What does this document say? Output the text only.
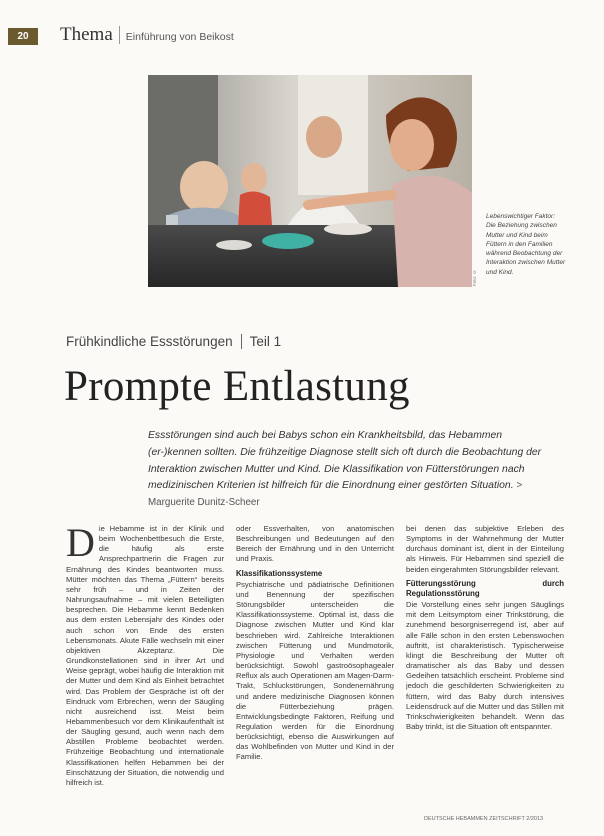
20	Thema Einführung von Beikost
Foto: ©
Lebenswichtiger Faktor: Die Beziehung zwischen Mutter und Kind beim Füttern in den Familien während Beobachtung der Interaktion zwischen Mutter und Kind.
Frühkindliche Essstörungen Teil 1
Prompte Entlastung
Essstörungen sind auch bei Babys schon ein Krankheitsbild, das Hebammen (er-)kennen sollten. Die frühzeitige Diagnose stellt sich oft durch die Beobachtung der Interaktion zwischen Mutter und Kind. Die Klassifikation von Fütterstörungen nach medizinischen Kriterien ist hilfreich für die Einordnung einer gestörten Situation. > Marguerite Dunitz-Scheer
D ie Hebamme ist in der Klinik und beim Wochenbettbesuch die Erste, die häufig als erste Ansprechpartnerin die Fragen zur Ernährung des Kindes beantworten muss. Mütter möchten das Thema „Füttern“ bereits sehr früh – und in Zeiten der Nahrungsaufnahme – mit vielen Beteiligten besprechen. Die Hebamme kennt Bedenken aus dem ersten Lebensjahr des Kindes oder auch schon von Ende des ersten Lebensmonats. Akute Fälle wechseln mit einer objektiven Akzeptanz. Die Grundkonstellationen sind in ihrer Art und Weise geprägt, wobei häufig die Interaktion mit der Mutter und dem Kind als Einheit betrachtet wird. Das Problem der Gespräche ist oft der Eindruck vom Erbrechen, wenn der Säugling nicht ausreichend isst. Meist beim Hebammenbesuch vor dem Klinikaufenthalt ist der Säugling gesund, auch wenn nach dem Abstillen Probleme beobachtet werden. Frühzeitige Beobachtung und internationale Klassifikationen helfen Hebammen bei der Einschätzung der Situation, die notwendig und hilfreich ist.

oder Essverhalten, von anatomischen Beschreibungen und Bedeutungen auf den Bereich der Ernährung und in den Unterricht und Praxis.

Klassifikationssysteme

Psychiatrische und pädiatrische Definitionen und Benennung der spezifischen Störungsbilder unterscheiden die Klassifikationssysteme. Optimal ist, dass die Diagnose zwischen Mutter und Kind klar beschrieben wird. Zahlreiche Interaktionen zwischen Fütterung und Mundmotorik, Physiologie und Verhalten werden berücksichtigt. Sowohl gastroösophagealer Reflux als auch Operationen am Magen-Darm-Trakt, Schluckstörungen, Sondenernährung und andere medizinische Diagnosen können die Fütterbeziehung prägen. Entwicklungsbedingte Faktoren, Reifung und Regulation werden für die Einordnung berücksichtigt, ebenso die Auswirkungen auf das Wohlbefinden von Mutter und Kind in der Familie.

bei denen das subjektive Erleben des Symptoms in der Wahrnehmung der Mutter durchaus dominant ist, dient in der Einteilung als Hinweis. Für Hebammen sind speziell die beiden eingerahmten Störungsbilder relevant.

Fütterungsstörung durch Regulationsstörung

Die Vorstellung eines sehr jungen Säuglings mit dem Leitsymptom einer Trinkstörung, die zunehmend besorgniserregend ist, aber auf alle Fälle schon in den ersten Lebenswochen auftritt, ist charakteristisch. Typischerweise klingt die Beschreibung der Mutter oft dramatischer als das Baby und dessen Gedeihen tatsächlich erscheint. Probleme sind jedoch die geschilderten Schwierigkeiten zu füttern, wird das Baby durch intensives Leidensdruck auf die Mutter und das Stillen mit Trinkschwierigkeiten behandelt. Wenn das Baby trinkt, ist die Situation oft entspannter.

DEUTSCHE HEBAMMEN ZEITSCHRIFT 2/2013
